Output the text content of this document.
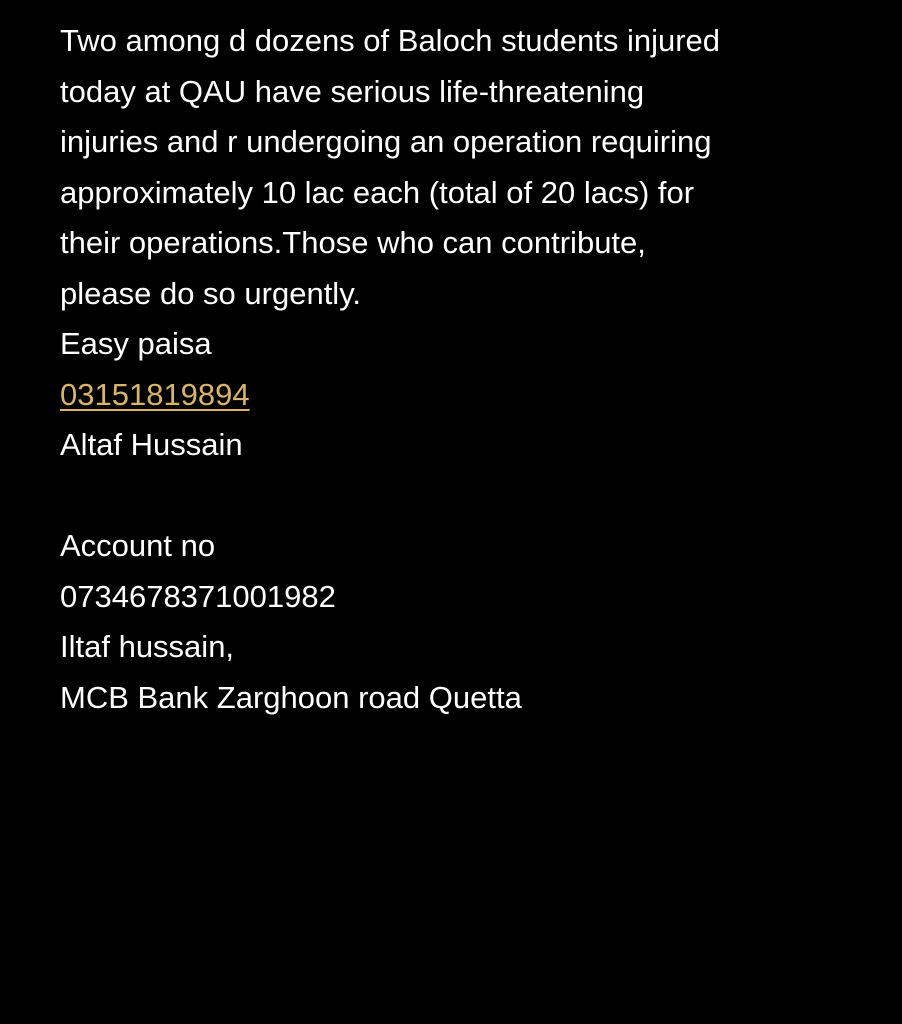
Two among d dozens of Baloch students injured
today at QAU have serious life-threatening
injuries and r undergoing an operation requiring
approximately 10 lac each (total of 20 lacs) for
their operations.Those who can contribute,
please do so urgently.
Easy paisa
03151819894
Altaf Hussain
Account no
0734678371001982
Iltaf hussain,
MCB Bank Zarghoon road Quetta
